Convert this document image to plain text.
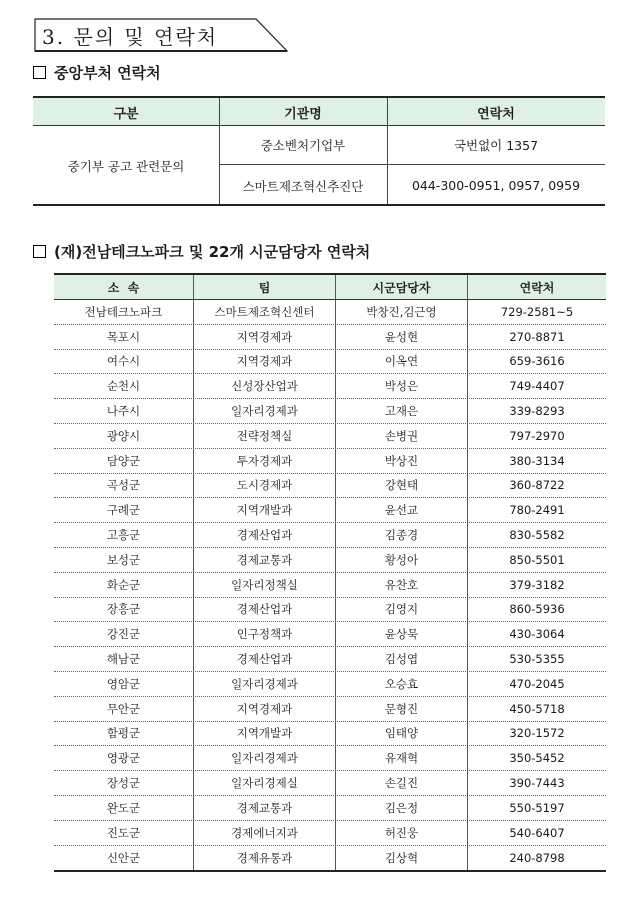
3. 문의 및 연락처
중앙부처 연락처
구분	기관명	연락처
중기부 공고 관련문의
중소벤처기업부	국번없이 1357
스마트제조혁신추진단	044-300-0951, 0957, 0959
(재)전남테크노파크 및 22개 시군담당자 연락처
소  속	팀	시군담당자	연락처
전남테크노파크	스마트제조혁신센터	박창진,김근영	729-2581~5
목포시	지역경제과	윤성현	270-8871
여수시	지역경제과	이옥연	659-3616
순천시	신성장산업과	박성은	749-4407
나주시	일자리경제과	고재은	339-8293
광양시	전략정책실	손병권	797-2970
담양군	투자경제과	박상진	380-3134
곡성군	도시경제과	강현태	360-8722
구례군	지역개발과	윤선교	780-2491
고흥군	경제산업과	김종경	830-5582
보성군	경제교통과	황성아	850-5501
화순군	일자리정책실	유찬호	379-3182
장흥군	경제산업과	김영지	860-5936
강진군	인구정책과	윤상묵	430-3064
해남군	경제산업과	김성엽	530-5355
영암군	일자리경제과	오승효	470-2045
무안군	지역경제과	문형진	450-5718
함평군	지역개발과	임태양	320-1572
영광군	일자리경제과	유재혁	350-5452
장성군	일자리경제실	손길진	390-7443
완도군	경제교통과	김은정	550-5197
진도군	경제에너지과	허진웅	540-6407
신안군	경제유통과	김상혁	240-8798
